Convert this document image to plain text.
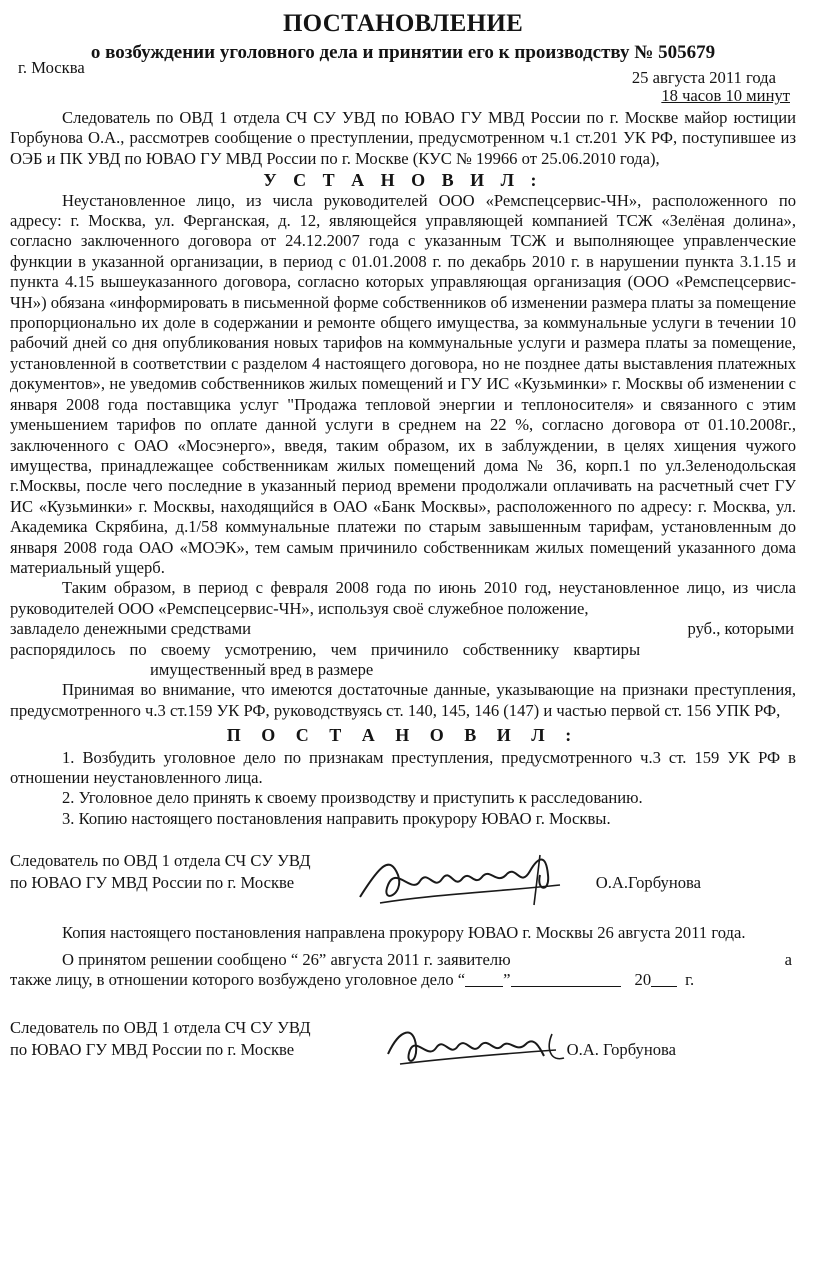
ПОСТАНОВЛЕНИЕ
о возбуждении уголовного дела и принятии его к производству № 505679
г. Москва
25 августа 2011 года
18 часов 10 минут

Следователь по ОВД 1 отдела СЧ СУ УВД по ЮВАО ГУ МВД России по г. Москве майор юстиции Горбунова О.А., рассмотрев сообщение о преступлении, предусмотренном ч.1 ст.201 УК РФ, поступившее из ОЭБ и ПК УВД по ЮВАО ГУ МВД России по г. Москве (КУС № 19966 от 25.06.2010 года),

У С Т А Н О В И Л :

Неустановленное лицо, из числа руководителей ООО «Ремспецсервис-ЧН», расположенного по адресу: г. Москва, ул. Ферганская, д. 12, являющейся управляющей компанией ТСЖ «Зелёная долина», согласно заключенного договора от 24.12.2007 года с указанным ТСЖ и выполняющее управленческие функции в указанной организации, в период с 01.01.2008 г. по декабрь 2010 г. в нарушении пункта 3.1.15 и пункта 4.15 вышеуказанного договора, согласно которых управляющая организация (ООО «Ремспецсервис-ЧН») обязана «информировать в письменной форме собственников об изменении размера платы за помещение пропорционально их доле в содержании и ремонте общего имущества, за коммунальные услуги в течении 10 рабочий дней со дня опубликования новых тарифов на коммунальные услуги и размера платы за помещение, установленной в соответствии с разделом 4 настоящего договора, но не позднее даты выставления платежных документов», не уведомив собственников жилых помещений и ГУ ИС «Кузьминки» г. Москвы об изменении с января 2008 года поставщика услуг "Продажа тепловой энергии и теплоносителя» и связанного с этим уменьшением тарифов по оплате данной услуги в среднем на 22 %, согласно договора от 01.10.2008г., заключенного с ОАО «Мосэнерго», введя, таким образом, их в заблуждении, в целях хищения чужого имущества, принадлежащее собственникам жилых помещений дома № 36, корп.1 по ул.Зеленодольская г.Москвы, после чего последние в указанный период времени продолжали оплачивать на расчетный счет ГУ ИС «Кузьминки» г. Москвы, находящийся в ОАО «Банк Москвы», расположенного по адресу: г. Москва, ул. Академика Скрябина, д.1/58 коммунальные платежи по старым завышенным тарифам, установленным до января 2008 года ОАО «МОЭК», тем самым причинило собственникам жилых помещений указанного дома материальный ущерб.

Таким образом, в период с февраля 2008 года по июнь 2010 год, неустановленное лицо, из числа руководителей ООО «Ремспецсервис-ЧН», используя своё служебное положение,

завладело денежными средствами	руб., которыми
распорядилось по своему усмотрению, чем причинило собственнику квартиры
имущественный вред в размере

Принимая во внимание, что имеются достаточные данные, указывающие на признаки преступления, предусмотренного ч.3 ст.159 УК РФ, руководствуясь ст. 140, 145, 146 (147) и частью первой ст. 156 УПК РФ,

П О С Т А Н О В И Л :

1. Возбудить уголовное дело по признакам преступления, предусмотренного ч.3 ст. 159 УК РФ в отношении неустановленного лица.

2. Уголовное дело принять к своему производству и приступить к расследованию.

3. Копию настоящего постановления направить прокурору ЮВАО г. Москвы.

Следователь по ОВД 1 отдела СЧ СУ УВД
по ЮВАО ГУ МВД России по г. Москве	О.А.Горбунова

Копия настоящего постановления направлена прокурору ЮВАО г. Москвы 26 августа 2011 года.

О принятом решении сообщено “ 26” августа 2011 г. заявителю	а
также лицу, в отношении которого возбуждено уголовное дело “ ”	20 г.
Следователь по ОВД 1 отдела СЧ СУ УВД
по ЮВАО ГУ МВД России по г. Москве	О.А. Горбунова
